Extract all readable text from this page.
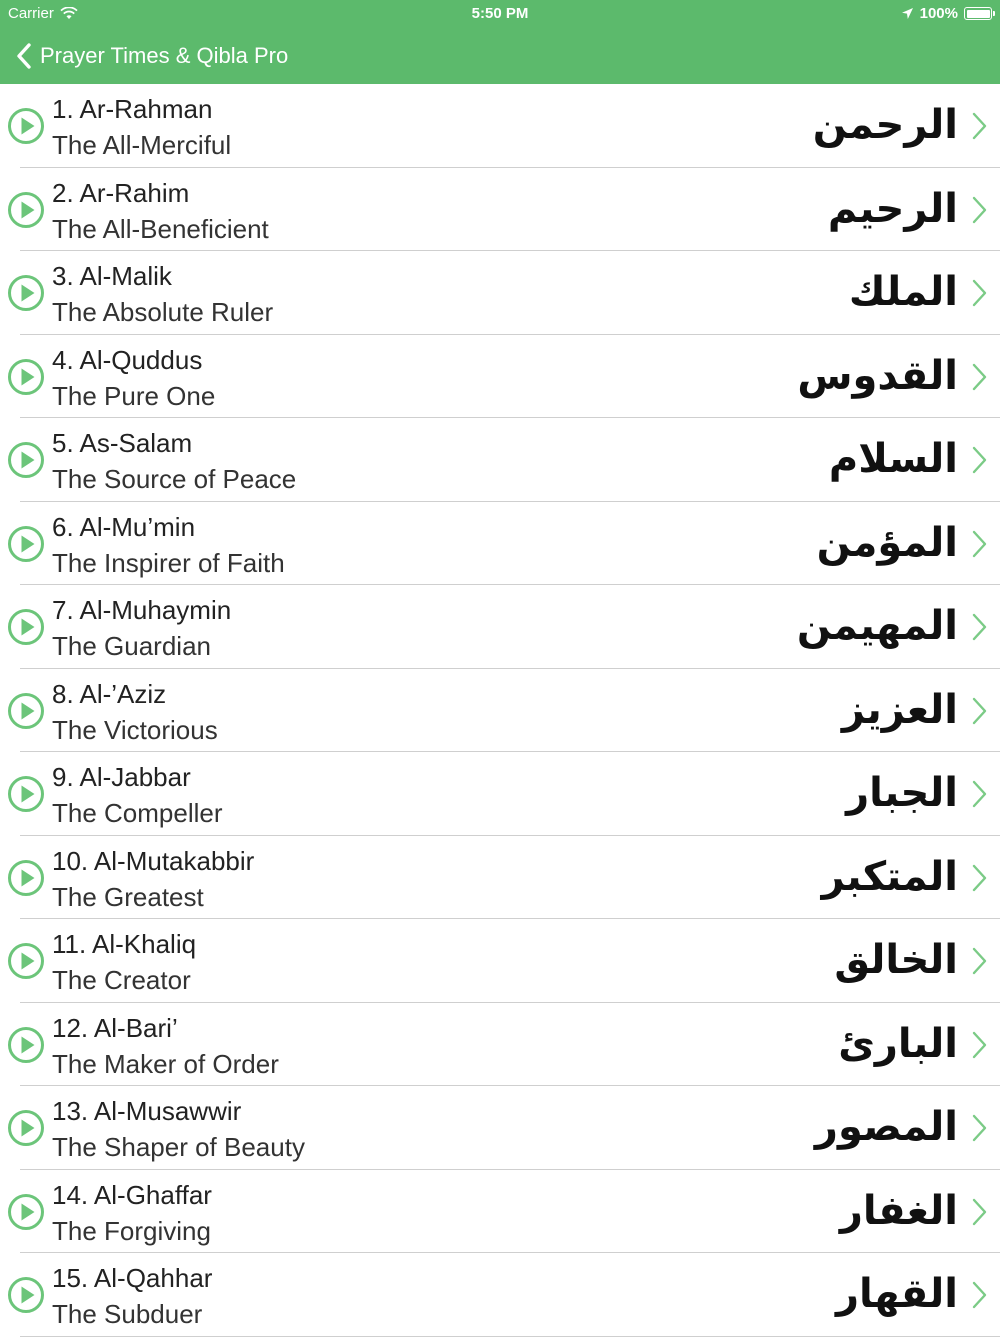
Carrier	5:50 PM	100%
Prayer Times & Qibla Pro
1. Ar-Rahman
The All-Merciful	الرحمن
2. Ar-Rahim
The All-Beneficient	الرحيم
3. Al-Malik
The Absolute Ruler	الملك
4. Al-Quddus
The Pure One	القدوس
5. As-Salam
The Source of Peace	السلام
6. Al-Mu’min
The Inspirer of Faith	المؤمن
7. Al-Muhaymin
The Guardian	المهيمن
8. Al-’Aziz
The Victorious	العزيز
9. Al-Jabbar
The Compeller	الجبار
10. Al-Mutakabbir
The Greatest	المتكبر
11. Al-Khaliq
The Creator	الخالق
12. Al-Bari’
The Maker of Order	البارئ
13. Al-Musawwir
The Shaper of Beauty	المصور
14. Al-Ghaffar
The Forgiving	الغفار
15. Al-Qahhar
The Subduer	القهار
